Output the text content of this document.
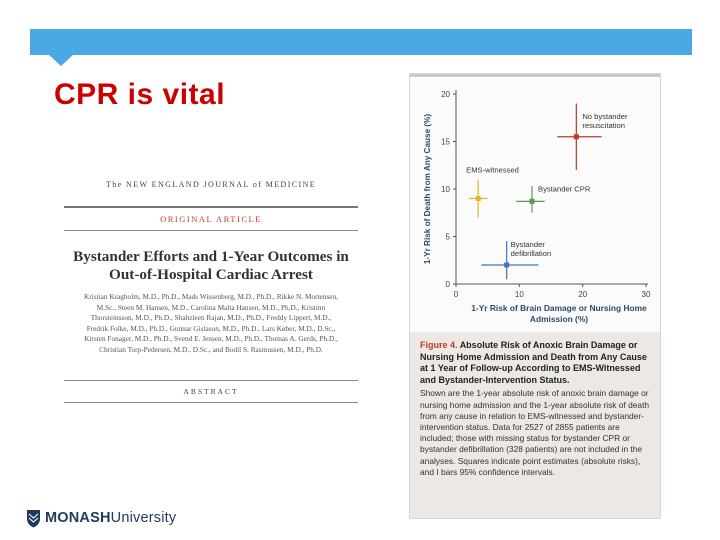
CPR is vital
The NEW ENGLAND JOURNAL of MEDICINE
ORIGINAL ARTICLE
Bystander Efforts and 1-Year Outcomes in Out-of-Hospital Cardiac Arrest
Kristian Kragholm, M.D., Ph.D., Mads Wissenberg, M.D., Ph.D., Rikke N. Mortensen, M.Sc., Steen M. Hansen, M.D., Carolina Malta Hansen, M.D., Ph.D., Kristinn Thorsteinsson, M.D., Ph.D., Shahzleen Rajan, M.D., Ph.D., Freddy Lippert, M.D., Fredrik Folke, M.D., Ph.D., Gunnar Gislason, M.D., Ph.D., Lars Køber, M.D., D.Sc., Kirsten Fonager, M.D., Ph.D., Svend E. Jensen, M.D., Ph.D., Thomas A. Gerds, Ph.D., Christian Torp-Pedersen, M.D., D.Sc., and Bodil S. Rasmussen, M.D., Ph.D.
ABSTRACT
0
5
10
15
20
0	10	20	30
1-Yr Risk of Brain Damage or Nursing Home Admission (%)
1-Yr Risk of Death from Any Cause (%)	No bystander resuscitation
EMS-witnessed
Bystander CPR
Bystander defibrillation
Figure 4. Absolute Risk of Anoxic Brain Damage or Nursing Home Admission and Death from Any Cause at 1 Year of Follow-up According to EMS-Witnessed and Bystander-Intervention Status.
Shown are the 1-year absolute risk of anoxic brain damage or nursing home admission and the 1-year absolute risk of death from any cause in relation to EMS-witnessed and bystander-intervention status. Data for 2527 of 2855 patients are included; those with missing status for bystander CPR or bystander defibrillation (328 patients) are not included in the analyses. Squares indicate point estimates (absolute risks), and I bars 95% confidence intervals.
MONASHUniversity
